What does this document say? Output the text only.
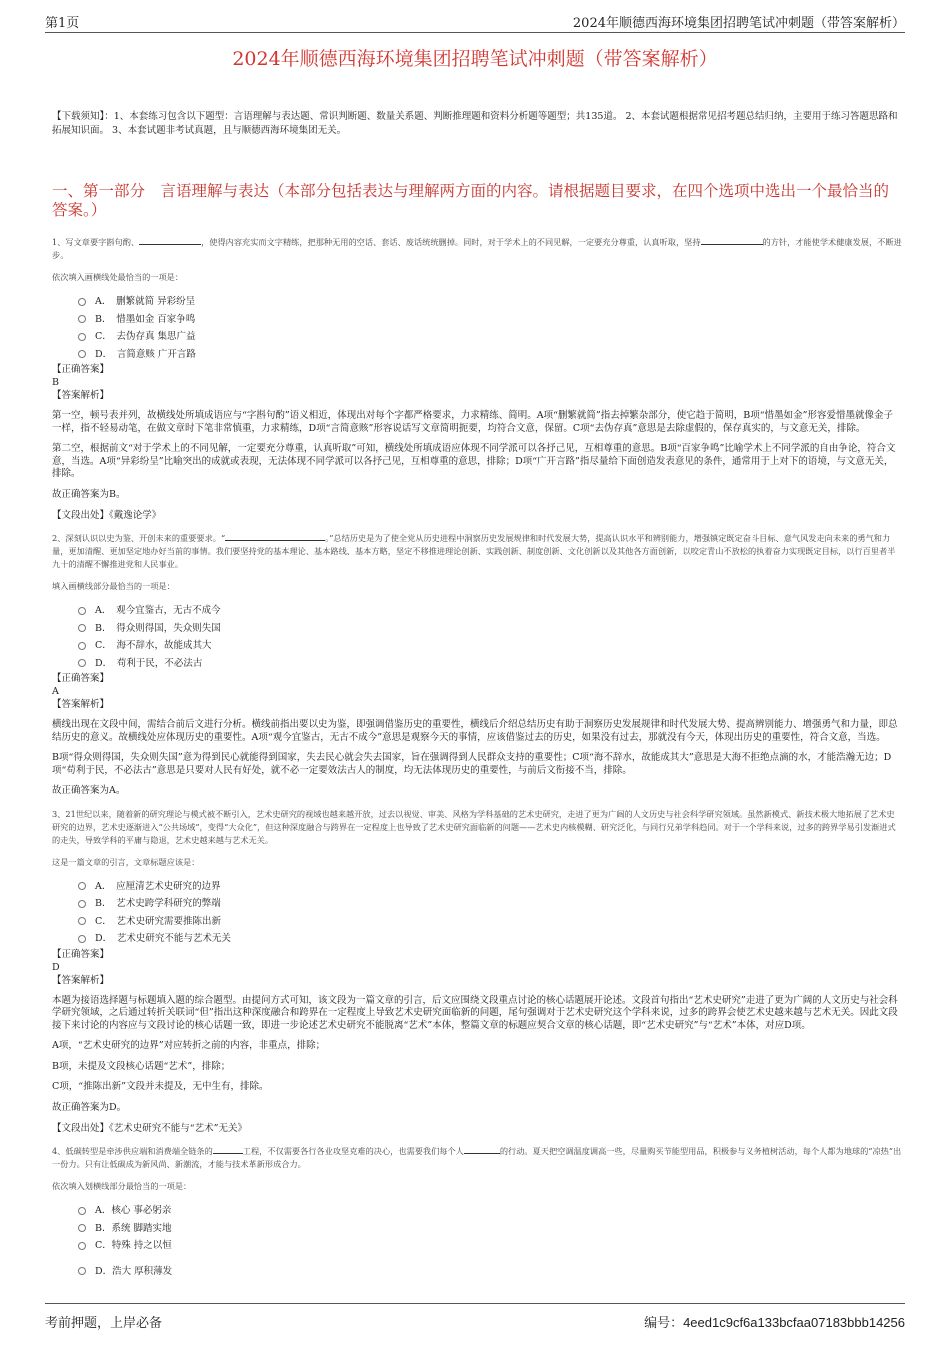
第1页	2024年顺德西海环境集团招聘笔试冲刺题（带答案解析）
2024年顺德西海环境集团招聘笔试冲刺题（带答案解析）
【下载须知】：1、本套练习包含以下题型：言语理解与表达题、常识判断题、数量关系题、判断推理题和资料分析题等题型；共135道。 2、本套试题根据常见招考题总结归纳，主要用于练习答题思路和拓展知识面。 3、本套试题非考试真题，且与顺德西海环境集团无关。
一、第一部分　言语理解与表达（本部分包括表达与理解两方面的内容。请根据题目要求，在四个选项中选出一个最恰当的答案。）
1、写文章要字斟句酌、	，使得内容充实而文字精练，把那种无用的空话、套话、废话统统删掉。同时，对于学术上的不同见解，一定要充分尊重，认真听取，坚持	的方针，才能使学术健康发展，不断进步。
依次填入画横线处最恰当的一项是：
A．　删繁就简 异彩纷呈
B．　惜墨如金 百家争鸣
C．　去伪存真 集思广益
D．　言简意赅 广开言路
【正确答案】
B
【答案解析】
第一空，顿号表并列，故横线处所填成语应与“字斟句酌”语义相近，体现出对每个字都严格要求，力求精练、简明。A项“删繁就简”指去掉繁杂部分，使它趋于简明，B项“惜墨如金”形容爱惜墨就像金子一样，指不轻易动笔，在做文章时下笔非常慎重，力求精练，D项“言简意赅”形容说话写文章简明扼要，均符合文意，保留。C项“去伪存真”意思是去除虚假的，保存真实的，与文意无关，排除。
第二空，根据前文“对于学术上的不同见解，一定要充分尊重，认真听取”可知，横线处所填成语应体现不同学派可以各抒己见，互相尊重的意思。B项“百家争鸣”比喻学术上不同学派的自由争论，符合文意，当选。A项“异彩纷呈”比喻突出的成就或表现，无法体现不同学派可以各抒己见，互相尊重的意思，排除；D项“广开言路”指尽量给下面创造发表意见的条件，通常用于上对下的语境，与文意无关，排除。
故正确答案为B。
【文段出处】《戴逸论学》
2、深刻认识以史为鉴、开创未来的重要要求。“	。”总结历史是为了使全党从历史进程中洞察历史发展规律和时代发展大势，提高认识水平和辨别能力，增强镇定既定奋斗目标、意气风发走向未来的勇气和力量，更加清醒、更加坚定地办好当前的事情。我们要坚持党的基本理论、基本路线、基本方略，坚定不移推进理论创新、实践创新、制度创新、文化创新以及其他各方面创新，以咬定青山不放松的执着奋力实现既定目标，以行百里者半九十的清醒不懈推进党和人民事业。
填入画横线部分最恰当的一项是：
A．　观今宜鉴古，无古不成今
B．　得众则得国，失众则失国
C．　海不辞水，故能成其大
D．　苟利于民，不必法古
【正确答案】
A
【答案解析】
横线出现在文段中间，需结合前后文进行分析。横线前指出要以史为鉴，即强调借鉴历史的重要性，横线后介绍总结历史有助于洞察历史发展规律和时代发展大势、提高辨别能力、增强勇气和力量，即总结历史的意义。故横线处应体现历史的重要性。A项“观今宜鉴古，无古不成今”意思是观察今天的事情，应该借鉴过去的历史，如果没有过去，那就没有今天，体现出历史的重要性，符合文意，当选。
B项“得众则得国，失众则失国”意为得到民心就能得到国家，失去民心就会失去国家，旨在强调得到人民群众支持的重要性；C项“海不辞水，故能成其大”意思是大海不拒绝点滴的水，才能浩瀚无边；D项“苟利于民，不必法古”意思是只要对人民有好处，就不必一定要效法古人的制度，均无法体现历史的重要性，与前后文衔接不当，排除。
故正确答案为A。
3、21世纪以来，随着新的研究理论与模式被不断引入，艺术史研究的视域也越来越开放，过去以视觉、审美、风格为学科基础的艺术史研究，走进了更为广阔的人文历史与社会科学研究领域。虽然新模式、新技术极大地拓展了艺术史研究的边界，艺术史逐渐进入“公共场域”，变得“大众化”，但这种深度融合与跨界在一定程度上也导致了艺术史研究面临新的问题——艺术史内核模糊、研究泛化，与同行兄弟学科趋同。对于一个学科来说，过多的跨界学易引发渐进式的走失，导致学科的平庸与隐退，艺术史越来越与艺术无关。
这是一篇文章的引言，文章标题应该是：
A．　应厘清艺术史研究的边界
B．　艺术史跨学科研究的弊端
C．　艺术史研究需要推陈出新
D．　艺术史研究不能与艺术无关
【正确答案】
D
【答案解析】
本题为接语选择题与标题填入题的综合题型。由提问方式可知，该文段为一篇文章的引言，后文应围绕文段重点讨论的核心话题展开论述。文段首句指出“艺术史研究”走进了更为广阔的人文历史与社会科学研究领域，之后通过转折关联词“但”指出这种深度融合和跨界在一定程度上导致艺术史研究面临新的问题，尾句强调对于艺术史研究这个学科来说，过多的跨界会使艺术史越来越与艺术无关。因此文段接下来讨论的内容应与文段讨论的核心话题一致，即进一步论述艺术史研究不能脱离“艺术”本体，整篇文章的标题应契合文章的核心话题，即“艺术史研究”与“艺术”本体，对应D项。
A项，“艺术史研究的边界”对应转折之前的内容，非重点，排除；
B项，未提及文段核心话题“艺术”，排除；
C项，“推陈出新”文段并未提及，无中生有，排除。
故正确答案为D。
【文段出处】《艺术史研究不能与“艺术”无关》
4、低碳转型是牵涉供应端和消费端全链条的	工程，不仅需要各行各业攻坚克难的决心，也需要我们每个人	的行动。夏天把空调温度调高一些，尽量购买节能型用品，积极参与义务植树活动，每个人都为地球的“凉热”出一份力。只有让低碳成为新风尚、新潮流，才能与技术革新形成合力。
依次填入划横线部分最恰当的一项是：
A．核心 事必躬亲
B．系统 脚踏实地
C．特殊 持之以恒
D．浩大 厚积薄发
考前押题，上岸必备	编号：4eed1c9cf6a133bcfaa07183bbb14256
